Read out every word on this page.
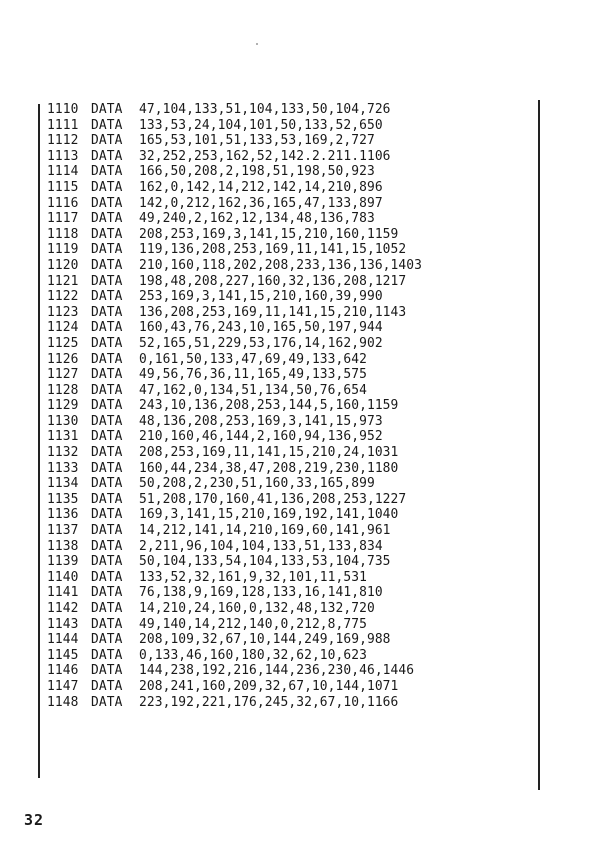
1110 DATA 47,104,133,51,104,133,50,104,726
1111 DATA 133,53,24,104,101,50,133,52,650
1112 DATA 165,53,101,51,133,53,169,2,727
1113 DATA 32,252,253,162,52,142.2.211.1106
1114 DATA 166,50,208,2,198,51,198,50,923
1115 DATA 162,0,142,14,212,142,14,210,896
1116 DATA 142,0,212,162,36,165,47,133,897
1117 DATA 49,240,2,162,12,134,48,136,783
1118 DATA 208,253,169,3,141,15,210,160,1159
1119 DATA 119,136,208,253,169,11,141,15,1052
1120 DATA 210,160,118,202,208,233,136,136,1403
1121 DATA 198,48,208,227,160,32,136,208,1217
1122 DATA 253,169,3,141,15,210,160,39,990
1123 DATA 136,208,253,169,11,141,15,210,1143
1124 DATA 160,43,76,243,10,165,50,197,944
1125 DATA 52,165,51,229,53,176,14,162,902
1126 DATA 0,161,50,133,47,69,49,133,642
1127 DATA 49,56,76,36,11,165,49,133,575
1128 DATA 47,162,0,134,51,134,50,76,654
1129 DATA 243,10,136,208,253,144,5,160,1159
1130 DATA 48,136,208,253,169,3,141,15,973
1131 DATA 210,160,46,144,2,160,94,136,952
1132 DATA 208,253,169,11,141,15,210,24,1031
1133 DATA 160,44,234,38,47,208,219,230,1180
1134 DATA 50,208,2,230,51,160,33,165,899
1135 DATA 51,208,170,160,41,136,208,253,1227
1136 DATA 169,3,141,15,210,169,192,141,1040
1137 DATA 14,212,141,14,210,169,60,141,961
1138 DATA 2,211,96,104,104,133,51,133,834
1139 DATA 50,104,133,54,104,133,53,104,735
1140 DATA 133,52,32,161,9,32,101,11,531
1141 DATA 76,138,9,169,128,133,16,141,810
1142 DATA 14,210,24,160,0,132,48,132,720
1143 DATA 49,140,14,212,140,0,212,8,775
1144 DATA 208,109,32,67,10,144,249,169,988
1145 DATA 0,133,46,160,180,32,62,10,623
1146 DATA 144,238,192,216,144,236,230,46,1446
1147 DATA 208,241,160,209,32,67,10,144,1071
1148 DATA 223,192,221,176,245,32,67,10,1166
32
